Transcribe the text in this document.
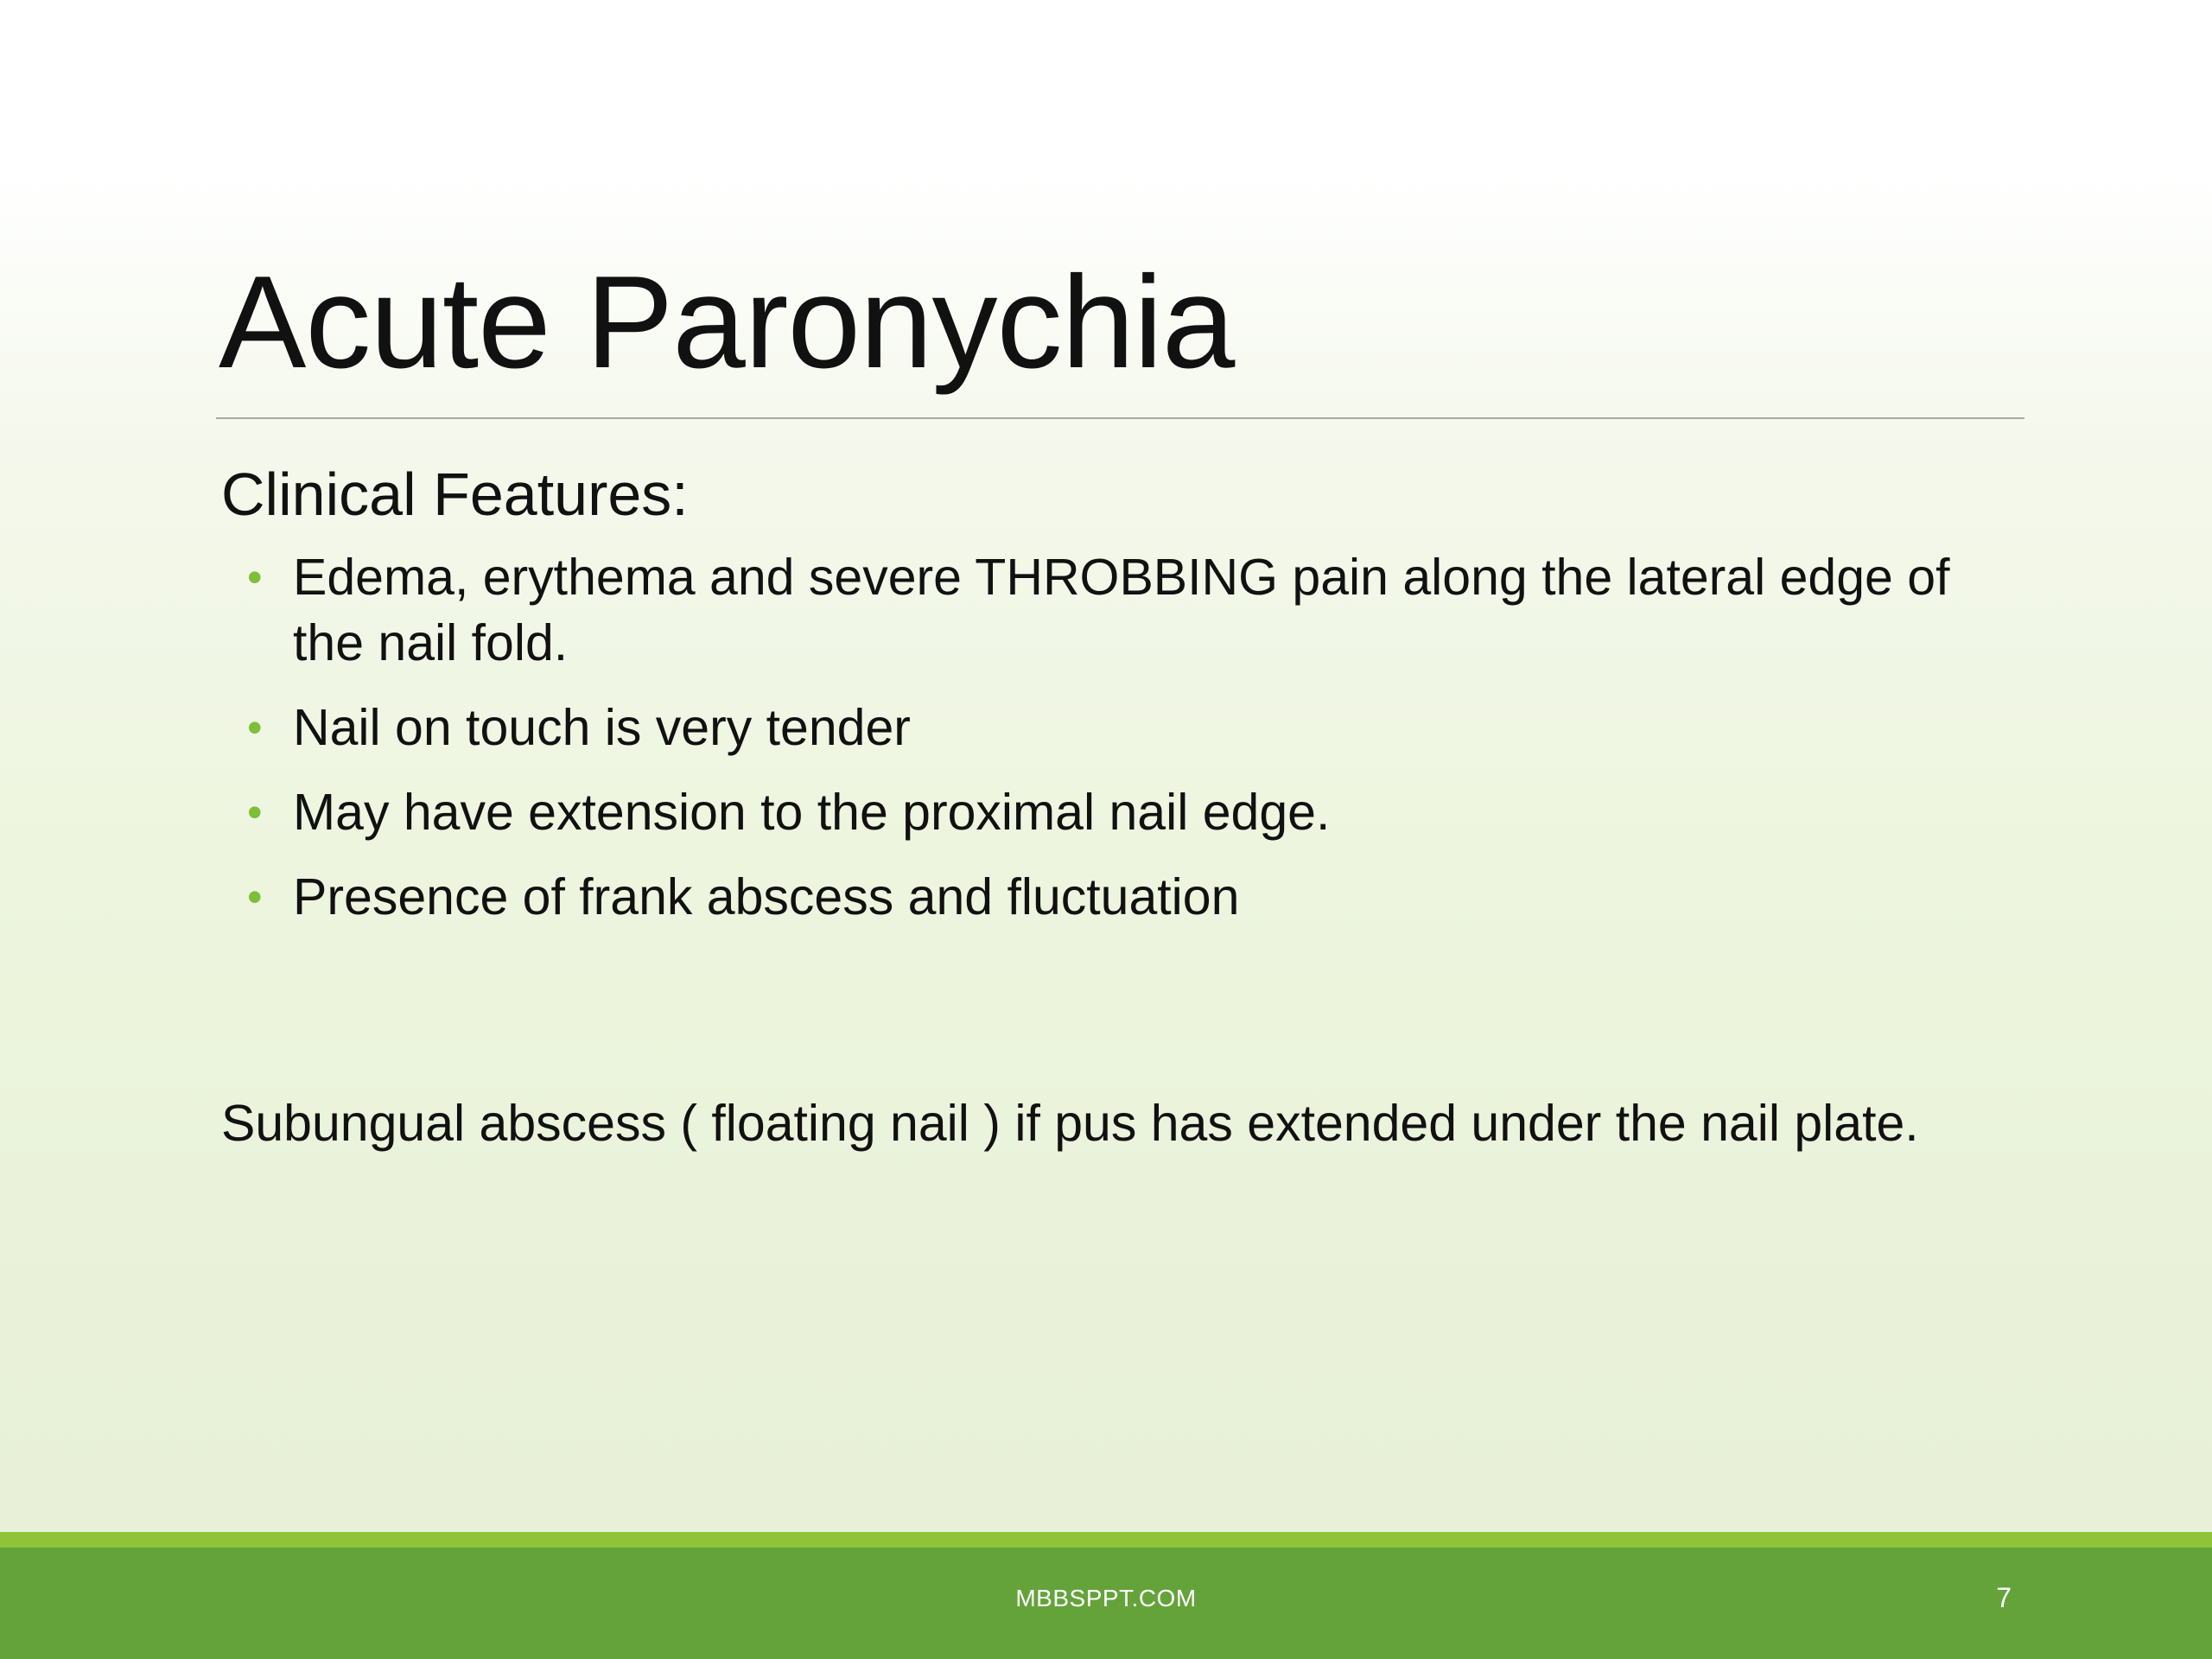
Acute Paronychia
Clinical Features:
• Edema, erythema and severe THROBBING pain along the lateral edge of the nail fold.
• Nail on touch is very tender
• May have extension to the proximal nail edge.
• Presence of frank abscess and fluctuation
Subungual abscess ( floating nail ) if pus has extended under the nail plate.
MBBSPPT.COM	7
